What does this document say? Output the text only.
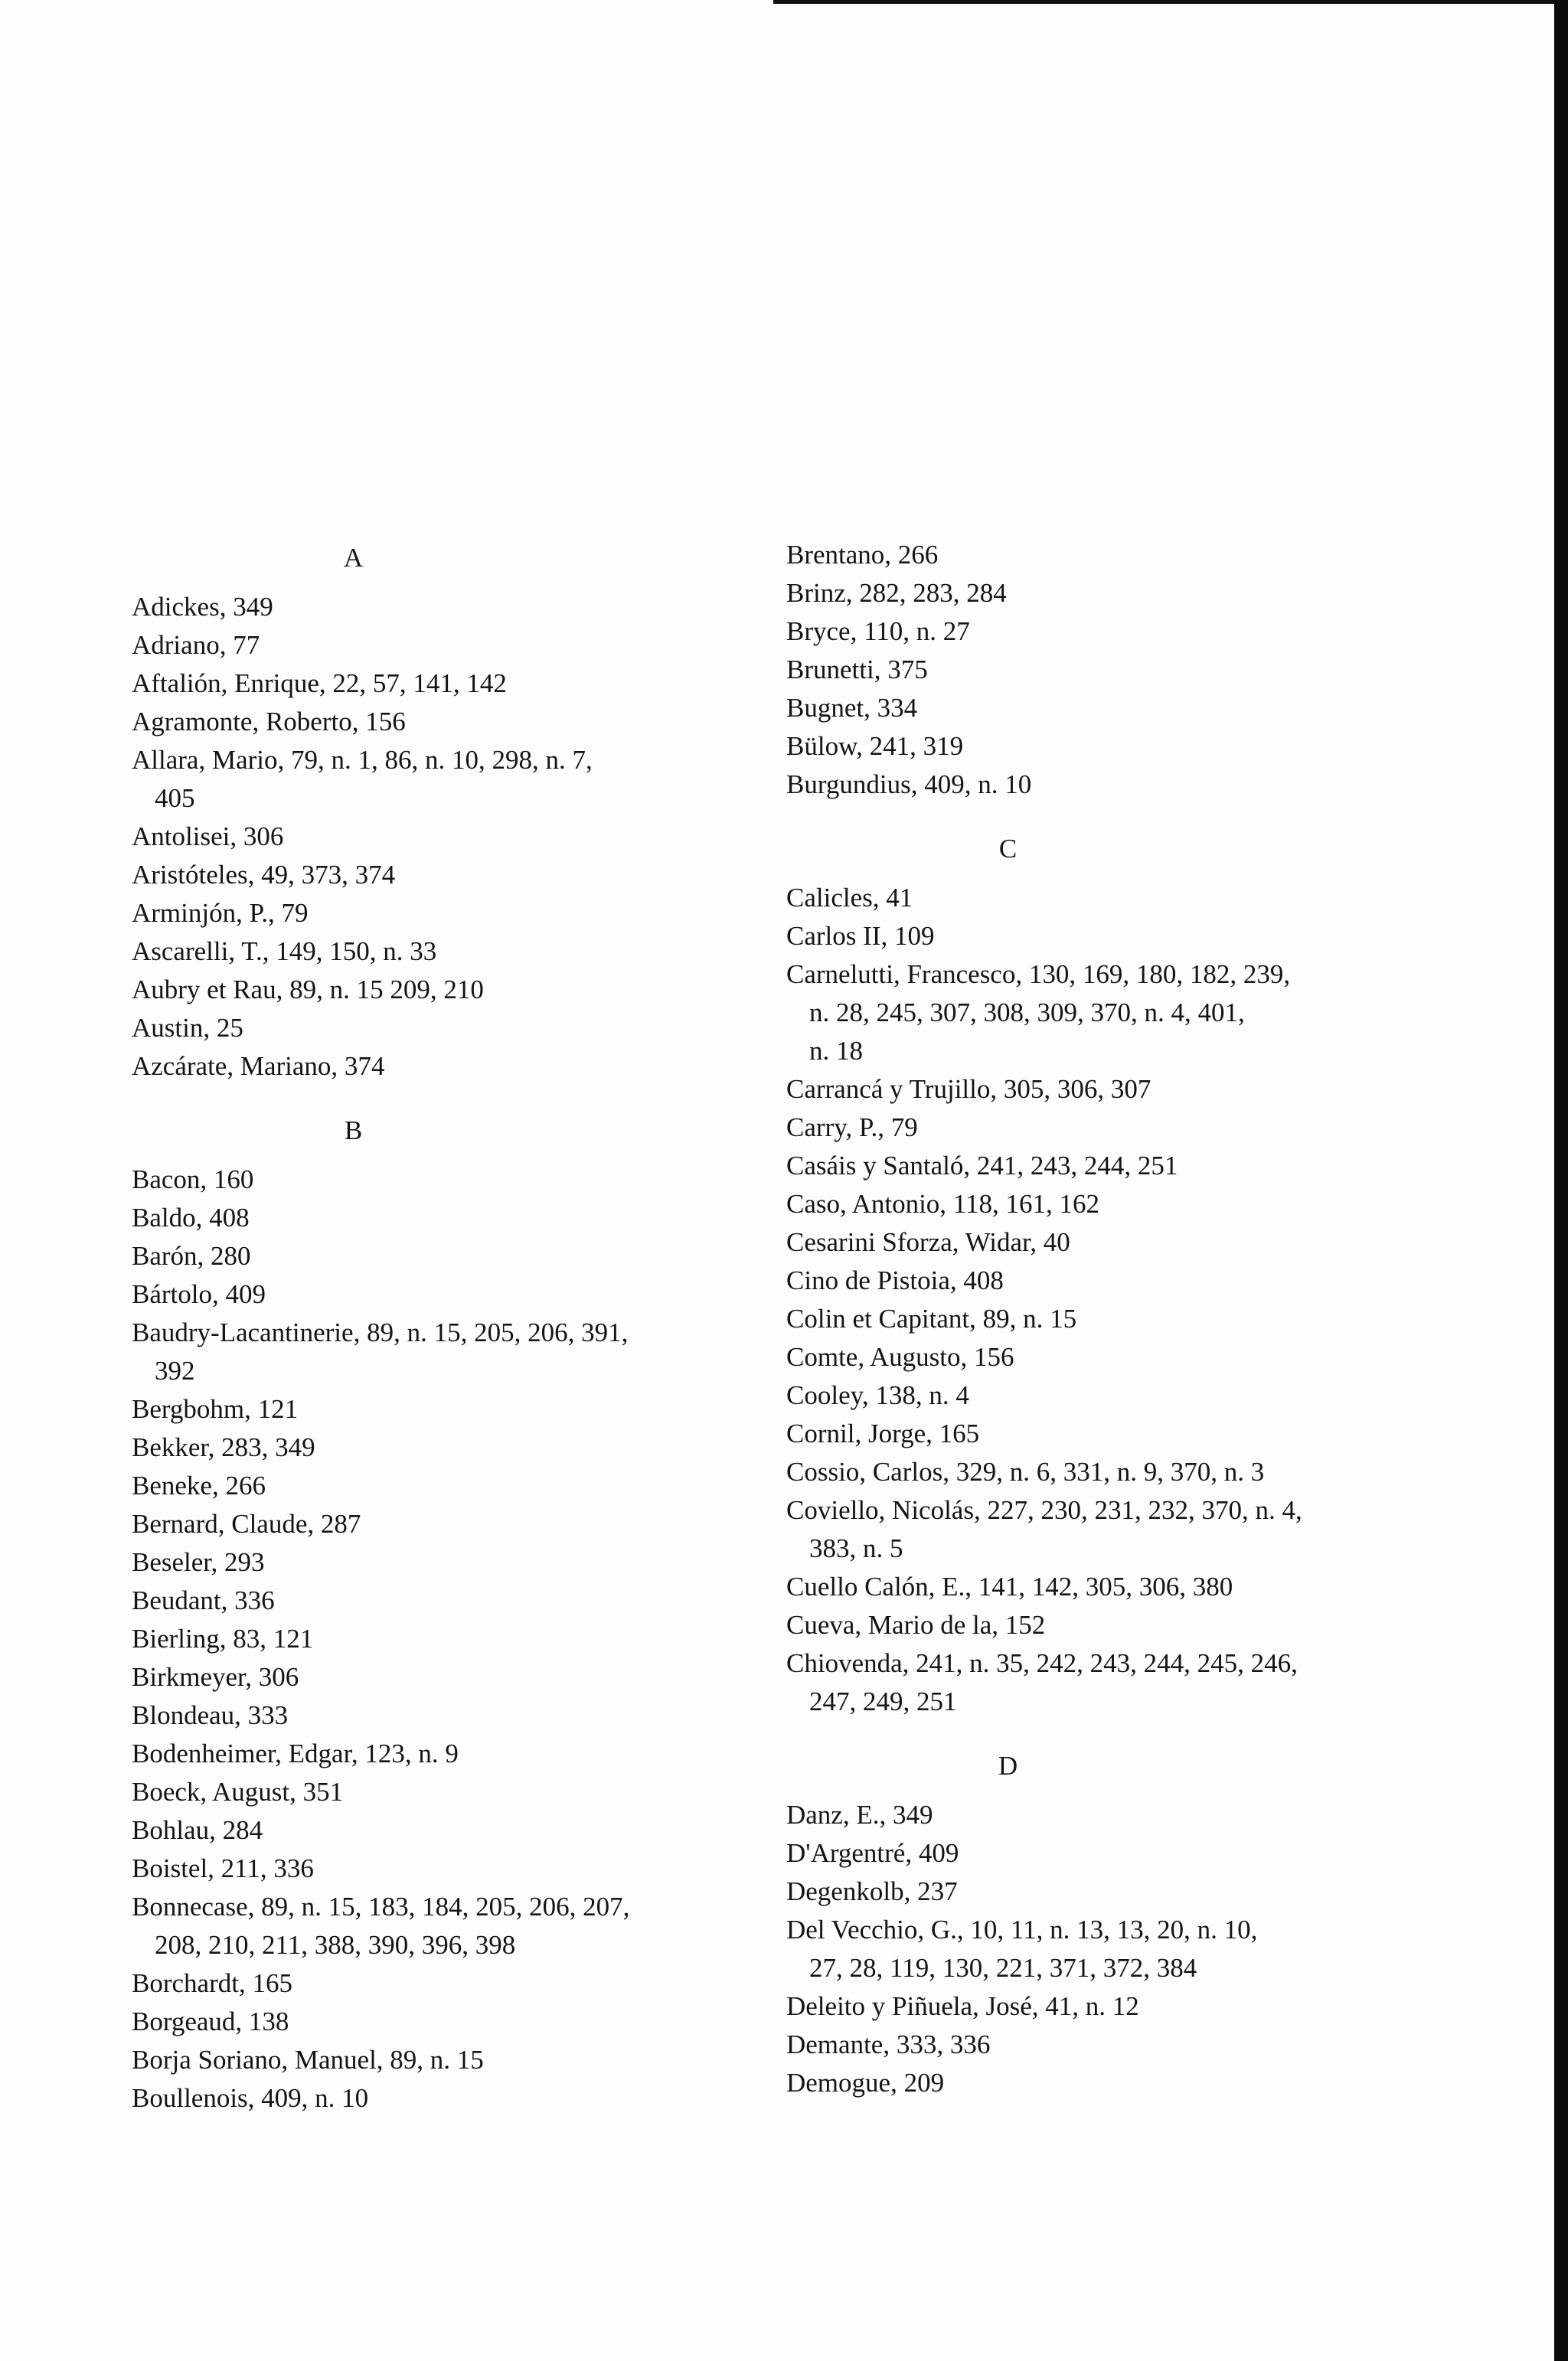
A
Adickes, 349
Adriano, 77
Aftalión, Enrique, 22, 57, 141, 142
Agramonte, Roberto, 156
Allara, Mario, 79, n. 1, 86, n. 10, 298, n. 7,
405
Antolisei, 306
Aristóteles, 49, 373, 374
Arminjón, P., 79
Ascarelli, T., 149, 150, n. 33
Aubry et Rau, 89, n. 15 209, 210
Austin, 25
Azcárate, Mariano, 374
B
Bacon, 160
Baldo, 408
Barón, 280
Bártolo, 409
Baudry-Lacantinerie, 89, n. 15, 205, 206, 391,
392
Bergbohm, 121
Bekker, 283, 349
Beneke, 266
Bernard, Claude, 287
Beseler, 293
Beudant, 336
Bierling, 83, 121
Birkmeyer, 306
Blondeau, 333
Bodenheimer, Edgar, 123, n. 9
Boeck, August, 351
Bohlau, 284
Boistel, 211, 336
Bonnecase, 89, n. 15, 183, 184, 205, 206, 207,
208, 210, 211, 388, 390, 396, 398
Borchardt, 165
Borgeaud, 138
Borja Soriano, Manuel, 89, n. 15
Boullenois, 409, n. 10
Brentano, 266
Brinz, 282, 283, 284
Bryce, 110, n. 27
Brunetti, 375
Bugnet, 334
Bülow, 241, 319
Burgundius, 409, n. 10
C
Calicles, 41
Carlos II, 109
Carnelutti, Francesco, 130, 169, 180, 182, 239,
n. 28, 245, 307, 308, 309, 370, n. 4, 401,
n. 18
Carrancá y Trujillo, 305, 306, 307
Carry, P., 79
Casáis y Santaló, 241, 243, 244, 251
Caso, Antonio, 118, 161, 162
Cesarini Sforza, Widar, 40
Cino de Pistoia, 408
Colin et Capitant, 89, n. 15
Comte, Augusto, 156
Cooley, 138, n. 4
Cornil, Jorge, 165
Cossio, Carlos, 329, n. 6, 331, n. 9, 370, n. 3
Coviello, Nicolás, 227, 230, 231, 232, 370, n. 4,
383, n. 5
Cuello Calón, E., 141, 142, 305, 306, 380
Cueva, Mario de la, 152
Chiovenda, 241, n. 35, 242, 243, 244, 245, 246,
247, 249, 251
D
Danz, E., 349
D'Argentré, 409
Degenkolb, 237
Del Vecchio, G., 10, 11, n. 13, 13, 20, n. 10,
27, 28, 119, 130, 221, 371, 372, 384
Deleito y Piñuela, José, 41, n. 12
Demante, 333, 336
Demogue, 209
